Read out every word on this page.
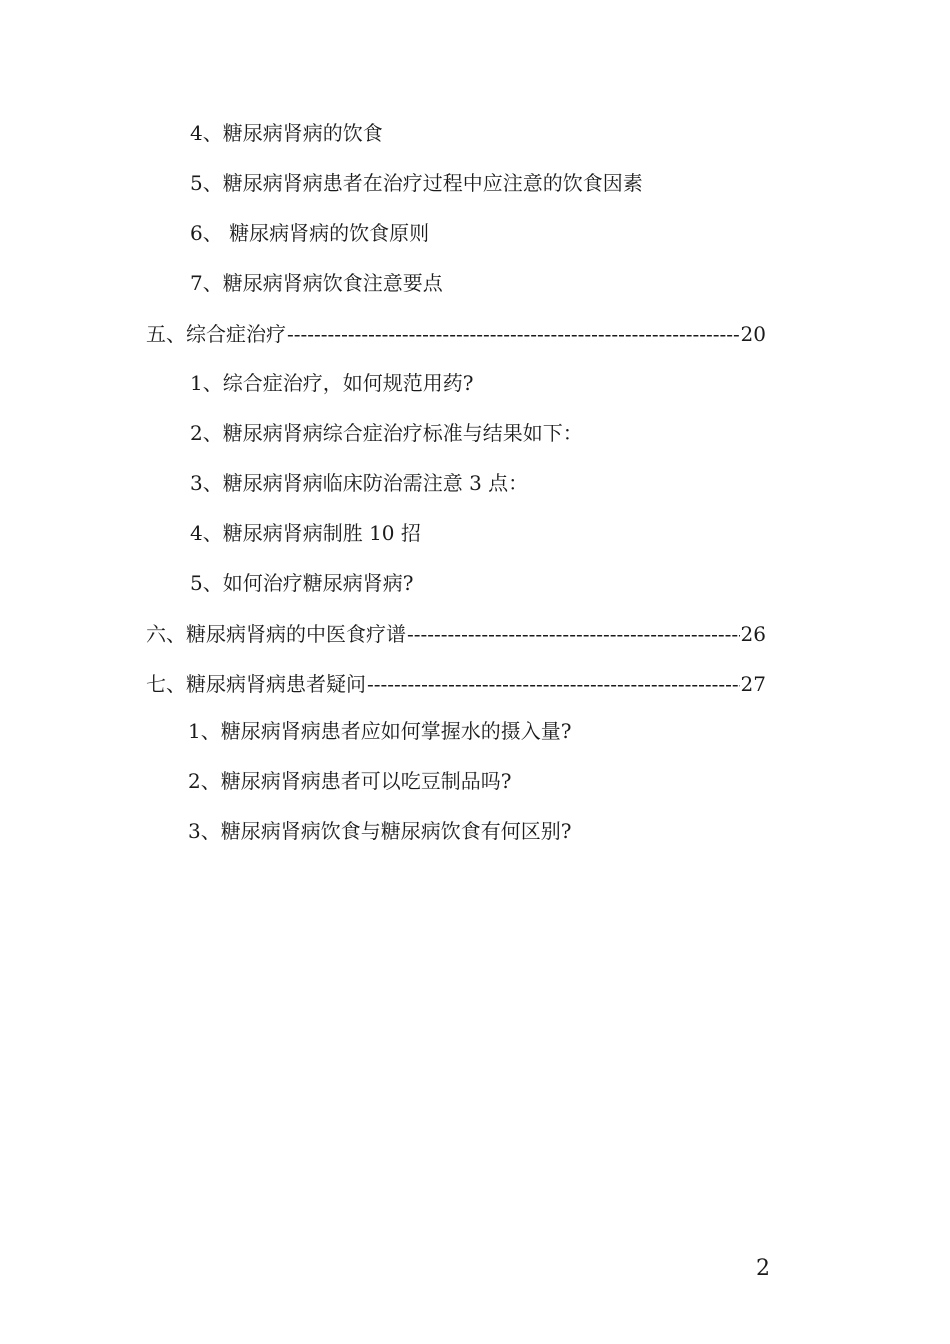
4、糖尿病肾病的饮食
5、糖尿病肾病患者在治疗过程中应注意的饮食因素
6、 糖尿病肾病的饮食原则
7、糖尿病肾病饮食注意要点
五、综合症治疗 -----	20
1、综合症治疗，如何规范用药?
2、糖尿病肾病综合症治疗标准与结果如下：
3、糖尿病肾病临床防治需注意 3 点：
4、糖尿病肾病制胜 10 招
5、如何治疗糖尿病肾病?
六、糖尿病肾病的中医食疗谱 -----	26
七、糖尿病肾病患者疑问 -----	27
1、糖尿病肾病患者应如何掌握水的摄入量?
2、糖尿病肾病患者可以吃豆制品吗?
3、糖尿病肾病饮食与糖尿病饮食有何区别?
2
